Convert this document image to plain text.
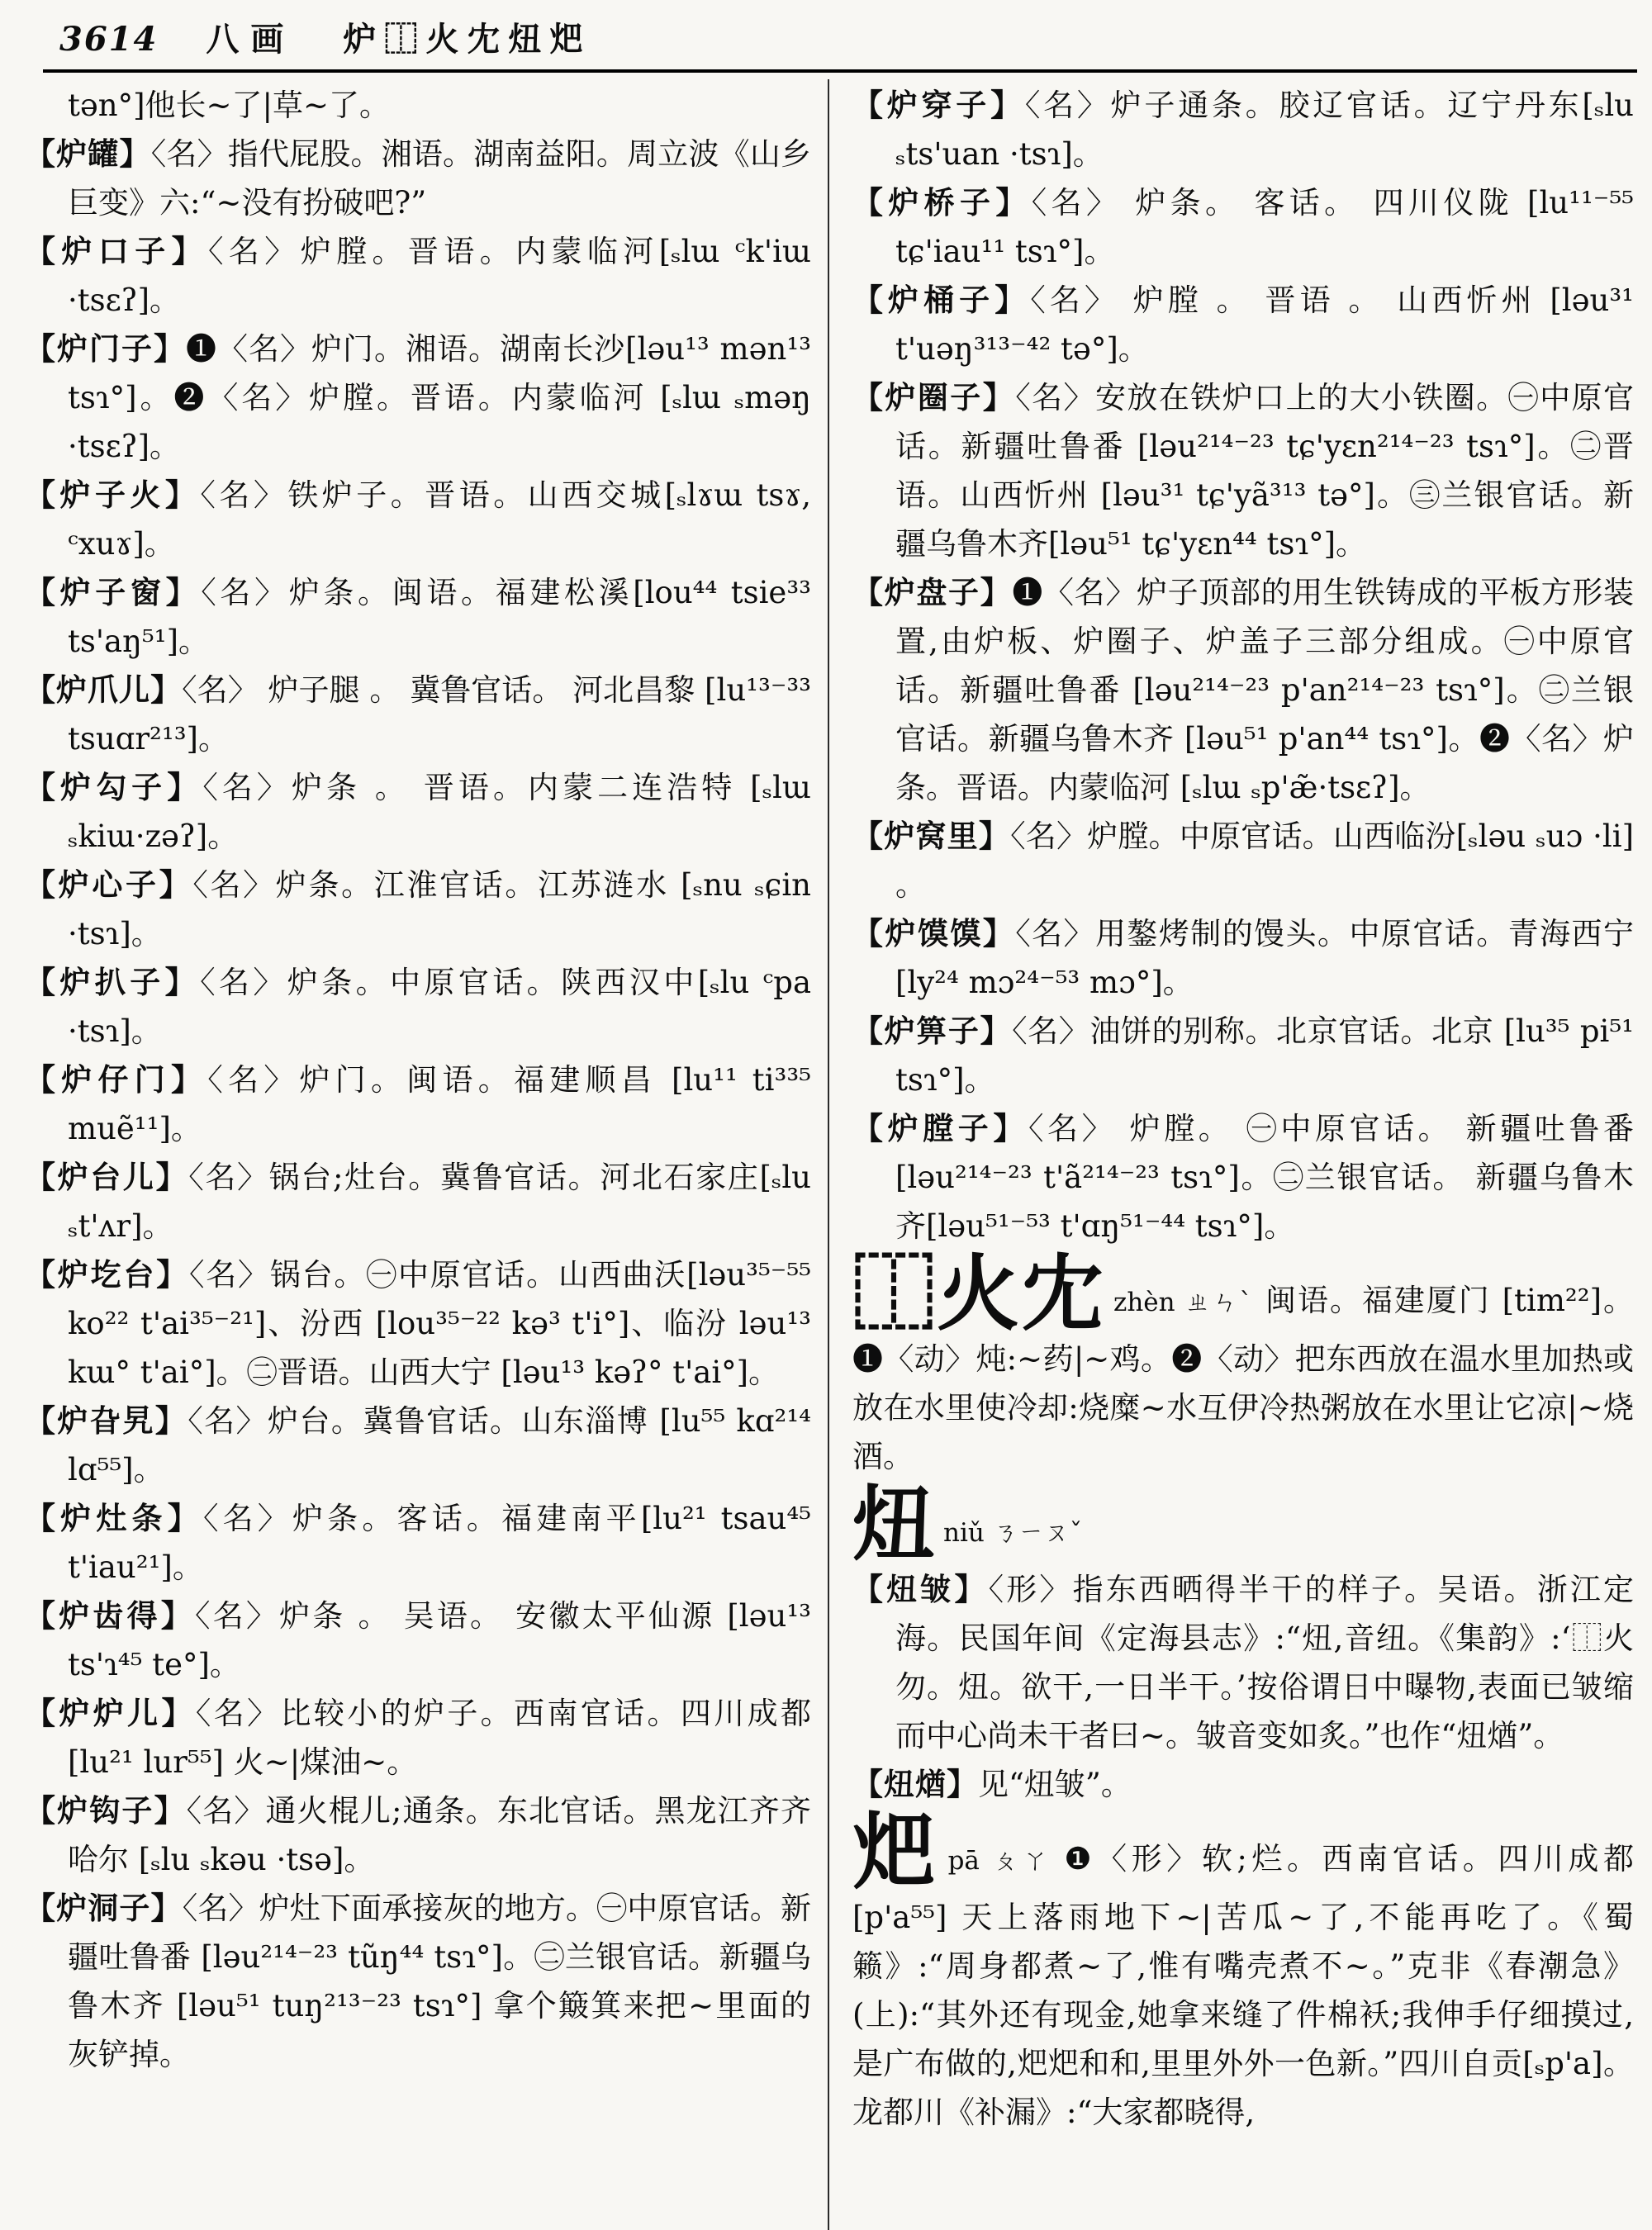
3614 八画 炉⿰火冘炄𤆵

tən°]他长~了|草~了。

【炉罐】〈名〉指代屁股。湘语。湖南益阳。周立波《山乡巨变》六:“~没有扮破吧?”

【炉口子】〈名〉炉膛。晋语。内蒙临河[ₛlɯ ᶜk'iɯ ·tsɛʔ]。

【炉门子】❶〈名〉炉门。湘语。湖南长沙[ləu¹³ mən¹³ tsɿ°]。❷〈名〉炉膛。晋语。内蒙临河 [ₛlɯ ₛməŋ ·tsɛʔ]。

【炉子火】〈名〉铁炉子。晋语。山西交城[ₛlɤɯ tsɤ, ᶜxuɤ]。

【炉子窗】〈名〉炉条。闽语。福建松溪[lou⁴⁴ tsie³³ ts'aŋ⁵¹]。

【炉爪儿】〈名〉 炉子腿 。 冀鲁官话。 河北昌黎 [lu¹³⁻³³ tsuɑr²¹³]。

【炉勾子】〈名〉炉条 。 晋语。内蒙二连浩特 [ₛlɯ ₛkiɯ·zəʔ]。

【炉心子】〈名〉炉条。江淮官话。江苏涟水 [ₛnu ₛɕin ·tsɿ]。

【炉扒子】〈名〉炉条。中原官话。陕西汉中[ₛlu ᶜpa ·tsɿ]。

【炉仔门】〈名〉炉门。闽语。福建顺昌 [lu¹¹ ti³³⁵ muẽ¹¹]。

【炉台儿】〈名〉锅台;灶台。冀鲁官话。河北石家庄[ₛlu ₛt'ʌr]。

【炉圪台】〈名〉锅台。㊀中原官话。山西曲沃[ləu³⁵⁻⁵⁵ ko²² t'ai³⁵⁻²¹]、汾西 [lou³⁵⁻²² kə³ t'i°]、临汾 ləu¹³ kɯ° t'ai°]。㊁晋语。山西大宁 [ləu¹³ kəʔ° t'ai°]。

【炉旮旯】〈名〉炉台。冀鲁官话。山东淄博 [lu⁵⁵ kɑ²¹⁴ lɑ⁵⁵]。

【炉灶条】〈名〉炉条。客话。福建南平[lu²¹ tsau⁴⁵ t'iau²¹]。

【炉齿得】〈名〉炉条 。 吴语。 安徽太平仙源 [ləu¹³ ts'ɿ⁴⁵ te°]。

【炉炉儿】〈名〉比较小的炉子。西南官话。四川成都 [lu²¹ lur⁵⁵] 火~|煤油~。

【炉钩子】〈名〉通火棍儿;通条。东北官话。黑龙江齐齐哈尔 [ₛlu ₛkəu ·tsə]。

【炉洞子】〈名〉炉灶下面承接灰的地方。㊀中原官话。新疆吐鲁番 [ləu²¹⁴⁻²³ tũŋ⁴⁴ tsɿ°]。㊁兰银官话。新疆乌鲁木齐 [ləu⁵¹ tuŋ²¹³⁻²³ tsɿ°] 拿个簸箕来把~里面的灰铲掉。

【炉穿子】〈名〉炉子通条。胶辽官话。辽宁丹东[ₛlu ₛts'uan ·tsɿ]。

【炉桥子】〈名〉 炉条。 客话。 四川仪陇 [lu¹¹⁻⁵⁵ tɕ'iau¹¹ tsɿ°]。

【炉桶子】〈名〉 炉膛 。 晋语 。 山西忻州 [ləu³¹ t'uəŋ³¹³⁻⁴² tə°]。

【炉圈子】〈名〉安放在铁炉口上的大小铁圈。㊀中原官话。新疆吐鲁番 [ləu²¹⁴⁻²³ tɕ'yɛn²¹⁴⁻²³ tsɿ°]。㊁晋语。山西忻州 [ləu³¹ tɕ'yã³¹³ tə°]。㊂兰银官话。新疆乌鲁木齐[ləu⁵¹ tɕ'yɛn⁴⁴ tsɿ°]。

【炉盘子】❶〈名〉炉子顶部的用生铁铸成的平板方形装置,由炉板、炉圈子、炉盖子三部分组成。㊀中原官话。新疆吐鲁番 [ləu²¹⁴⁻²³ p'an²¹⁴⁻²³ tsɿ°]。㊁兰银官话。新疆乌鲁木齐 [ləu⁵¹ p'an⁴⁴ tsɿ°]。❷〈名〉炉条。晋语。内蒙临河 [ₛlɯ ₛp'æ̃·tsɛʔ]。

【炉窝里】〈名〉炉膛。中原官话。山西临汾[ₛləu ₛuɔ ·li] 。

【炉馍馍】〈名〉用鏊烤制的馒头。中原官话。青海西宁[ly²⁴ mɔ²⁴⁻⁵³ mɔ°]。

【炉箅子】〈名〉油饼的别称。北京官话。北京 [lu³⁵ pi⁵¹ tsɿ°]。

【炉膛子】〈名〉 炉膛。 ㊀中原官话。 新疆吐鲁番 [ləu²¹⁴⁻²³ t'ã²¹⁴⁻²³ tsɿ°]。㊁兰银官话。 新疆乌鲁木齐[ləu⁵¹⁻⁵³ t'ɑŋ⁵¹⁻⁴⁴ tsɿ°]。

⿰火冘 zhèn ㄓㄣˋ 闽语。福建厦门 [tim²²]。❶〈动〉炖:~药|~鸡。❷〈动〉把东西放在温水里加热或放在水里使冷却:烧糜~水互伊冷热粥放在水里让它凉|~烧酒。

炄niǔ ㄋㄧㄡˇ

【炄皱】〈形〉指东西晒得半干的样子。吴语。浙江定海。民国年间《定海县志》:“炄,音纽。《集韵》:‘⿰火勿。炄。欲干,一日半干。’按俗谓日中曝物,表面已皱缩而中心尚未干者曰~。皱音变如炙。”也作“炄煪”。

【炄煪】见“炄皱”。

𤆵pā ㄆㄚ ❶〈形〉软;烂。西南官话。四川成都[p'a⁵⁵] 天上落雨地下~|苦瓜~了,不能再吃了。《蜀籁》:“周身都煮~了,惟有嘴壳煮不~。”克非《春潮急》(上):“其外还有现金,她拿来缝了件棉袄;我伸手仔细摸过,是广布做的,𤆵𤆵和和,里里外外一色新。”四川自贡[ₛp'a]。龙都川《补漏》:“大家都晓得,
